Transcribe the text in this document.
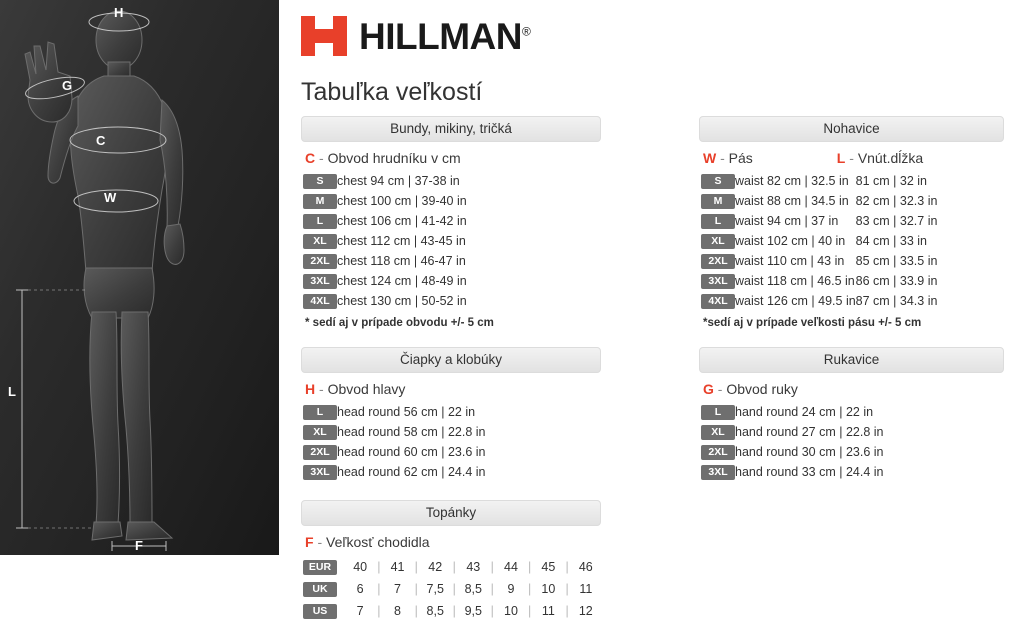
H
G
C
W
L
F
HILLMAN®
Tabuľka veľkostí
Bundy, mikiny, tričká
C - Obvod hrudníku v cm
S	chest 94 cm | 37-38 in
M	chest 100 cm | 39-40 in
L	chest 106 cm | 41-42 in
XL	chest 112 cm | 43-45 in
2XL	chest 118 cm | 46-47 in
3XL	chest 124 cm | 48-49 in
4XL	chest 130 cm | 50-52 in
* sedí aj v prípade obvodu +/- 5 cm
Čiapky a klobúky
H - Obvod hlavy
L	head round 56 cm | 22 in
XL	head round 58 cm | 22.8 in
2XL	head round 60 cm | 23.6 in
3XL	head round 62 cm | 24.4 in
Topánky
F - Veľkosť chodidla
EUR	40	|	41	|	42	|	43	|	44	|	45	|	46
UK	6	|	7	|	7,5	|	8,5	|	9	|	10	|	11
US	7	|	8	|	8,5	|	9,5	|	10	|	11	|	12
Nohavice
W - Pás	L - Vnút.dĺžka
S	waist 82 cm | 32.5 in	81 cm | 32 in
M	waist 88 cm | 34.5 in	82 cm | 32.3 in
L	waist 94 cm | 37 in	83 cm | 32.7 in
XL	waist 102 cm | 40 in	84 cm | 33 in
2XL	waist 110 cm | 43 in	85 cm | 33.5 in
3XL	waist 118 cm | 46.5 in	86 cm | 33.9 in
4XL	waist 126 cm | 49.5 in	87 cm | 34.3 in
*sedí aj v prípade veľkosti pásu +/- 5 cm
Rukavice
G - Obvod ruky
L	hand round 24 cm | 22 in
XL	hand round 27 cm | 22.8 in
2XL	hand round 30 cm | 23.6 in
3XL	hand round 33 cm | 24.4 in
